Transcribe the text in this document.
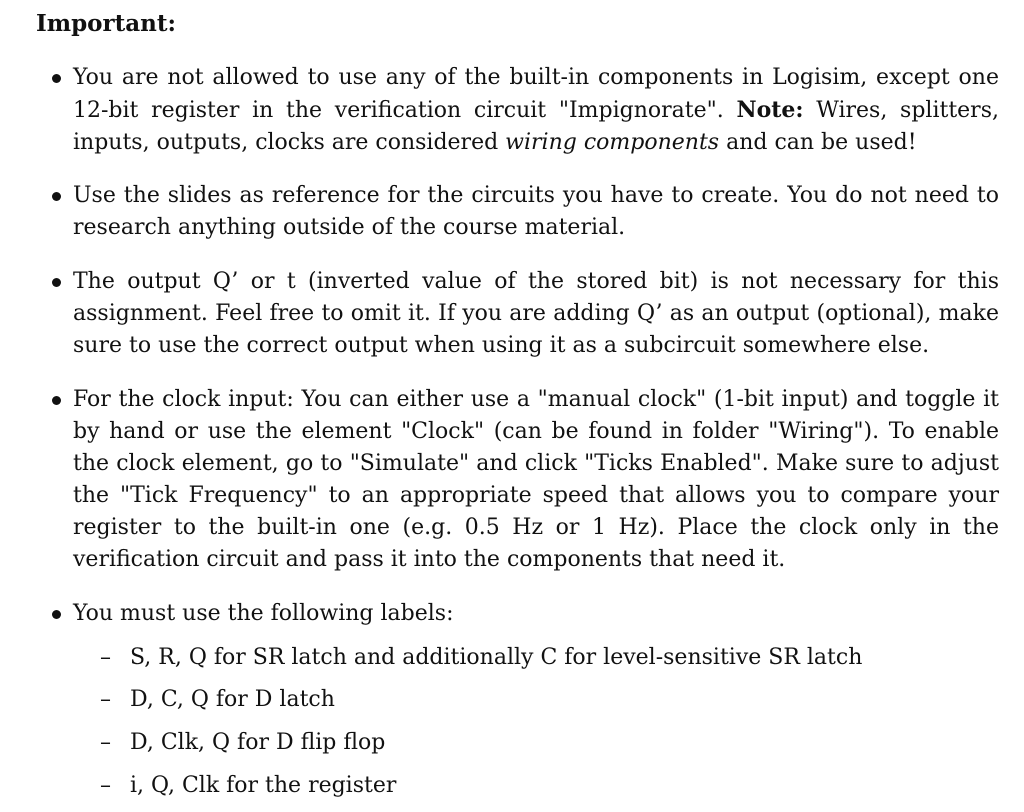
Important:
You are not allowed to use any of the built-in components in Logisim, except one 12-bit register in the verification circuit "Impignorate". Note: Wires, splitters, inputs, outputs, clocks are considered wiring components and can be used!
Use the slides as reference for the circuits you have to create. You do not need to research anything outside of the course material.
The output Q’ or t (inverted value of the stored bit) is not necessary for this assignment. Feel free to omit it. If you are adding Q’ as an output (optional), make sure to use the correct output when using it as a subcircuit somewhere else.
For the clock input: You can either use a "manual clock" (1-bit input) and toggle it by hand or use the element "Clock" (can be found in folder "Wiring"). To enable the clock element, go to "Simulate" and click "Ticks Enabled". Make sure to adjust the "Tick Frequency" to an appropriate speed that allows you to compare your register to the built-in one (e.g. 0.5 Hz or 1 Hz). Place the clock only in the verification circuit and pass it into the components that need it.
You must use the following labels:
– S, R, Q for SR latch and additionally C for level-sensitive SR latch
– D, C, Q for D latch
– D, Clk, Q for D flip flop
– i, Q, Clk for the register
